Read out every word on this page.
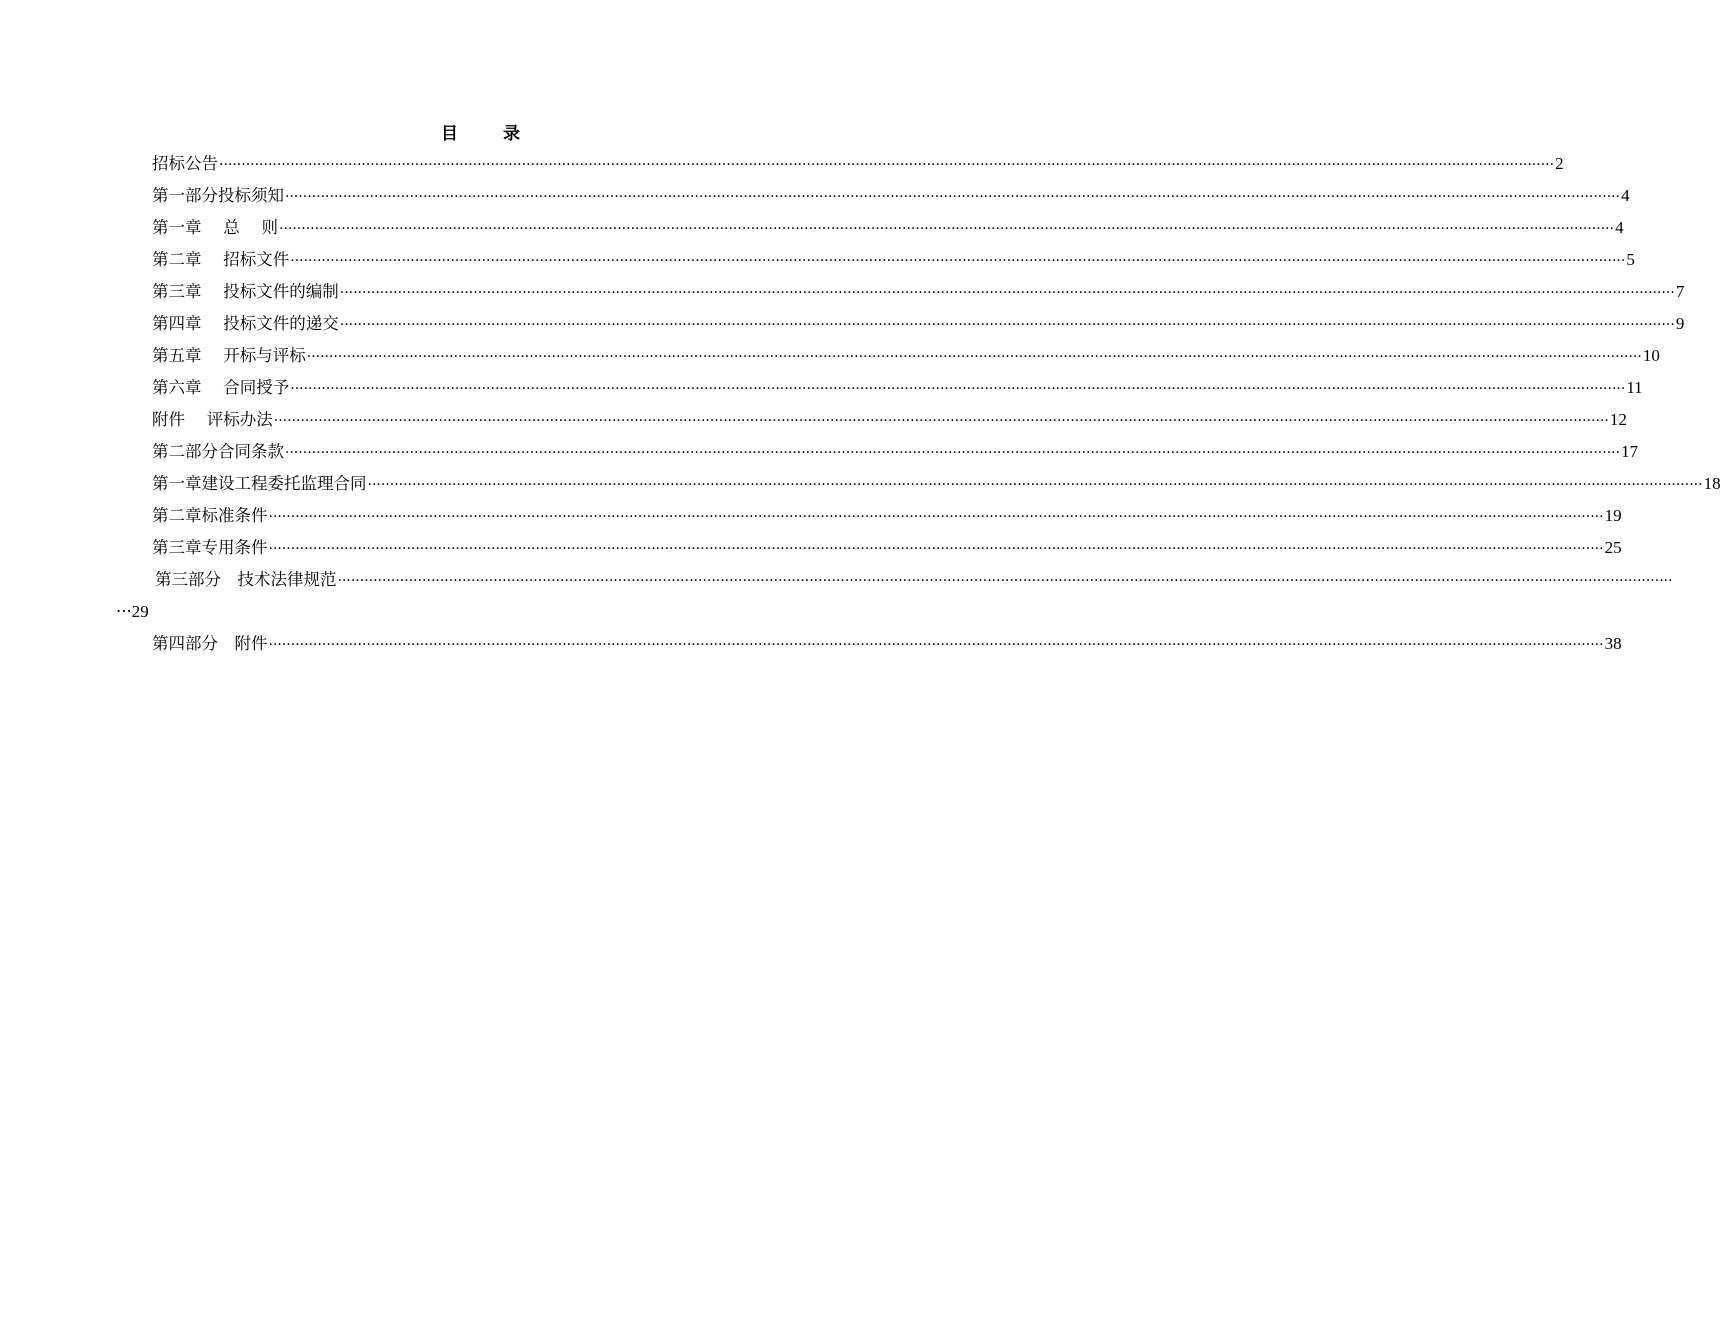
目　录
招标公告 ············································································································································································································································································································ 2
第一部分投标须知 ············································································································································································································································································································ 4
第一章　 总　 则 ············································································································································································································································································································ 4
第二章　 招标文件 ············································································································································································································································································································ 5
第三章　 投标文件的编制 ············································································································································································································································································································ 7
第四章　 投标文件的递交 ············································································································································································································································································································ 9
第五章　 开标与评标 ············································································································································································································································································································ 10
第六章　 合同授予 ············································································································································································································································································································ 11
附件　 评标办法 ············································································································································································································································································································ 12
第二部分合同条款 ············································································································································································································································································································ 17
第一章建设工程委托监理合同 ············································································································································································································································································································ 18
第二章标准条件 ············································································································································································································································································································ 19
第三章专用条件 ············································································································································································································································································································ 25
第三部分　技术法律规范 ············································································································································································································································································································
··· 29
第四部分　附件 ············································································································································································································································································································ 38
